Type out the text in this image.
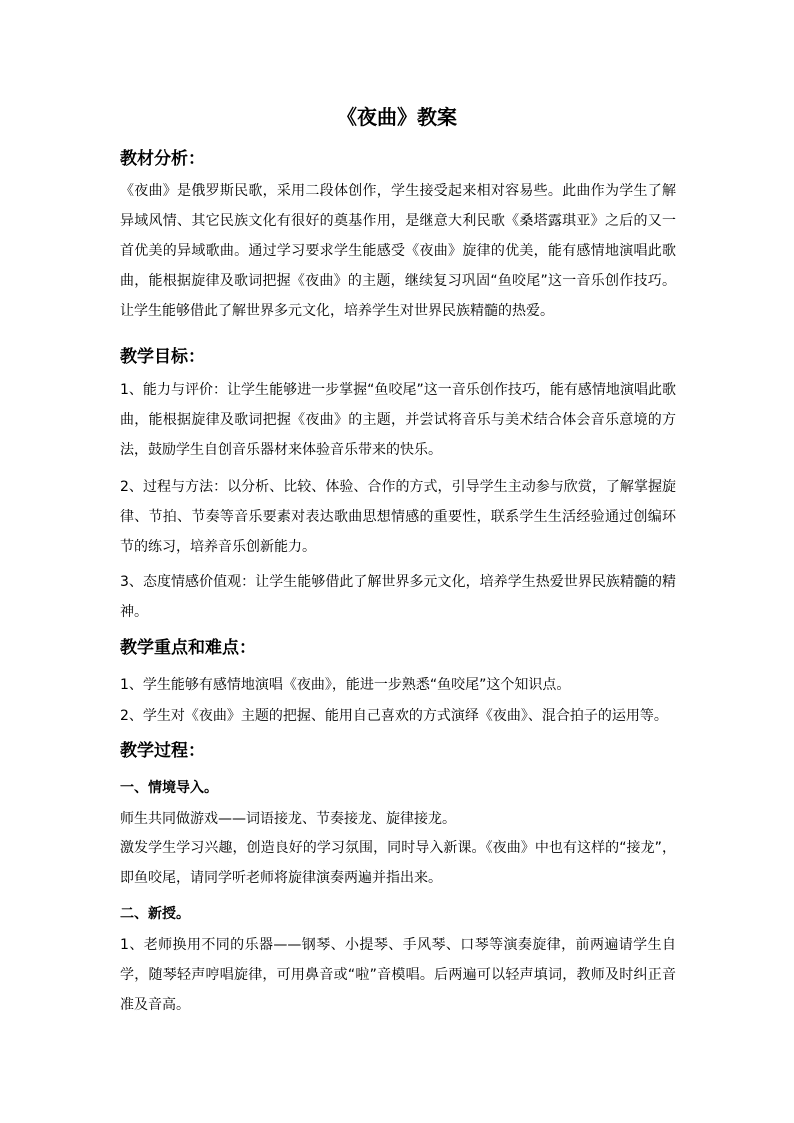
《夜曲》教案
教材分析：

《夜曲》是俄罗斯民歌，采用二段体创作，学生接受起来相对容易些。此曲作为学生了解异域风情、其它民族文化有很好的奠基作用，是继意大利民歌《桑塔露琪亚》之后的又一首优美的异域歌曲。通过学习要求学生能感受《夜曲》旋律的优美，能有感情地演唱此歌曲，能根据旋律及歌词把握《夜曲》的主题，继续复习巩固“鱼咬尾”这一音乐创作技巧。让学生能够借此了解世界多元文化，培养学生对世界民族精髓的热爱。

教学目标：

1、能力与评价：让学生能够进一步掌握“鱼咬尾”这一音乐创作技巧，能有感情地演唱此歌曲，能根据旋律及歌词把握《夜曲》的主题，并尝试将音乐与美术结合体会音乐意境的方法，鼓励学生自创音乐器材来体验音乐带来的快乐。

2、过程与方法：以分析、比较、体验、合作的方式，引导学生主动参与欣赏，了解掌握旋律、节拍、节奏等音乐要素对表达歌曲思想情感的重要性，联系学生生活经验通过创编环节的练习，培养音乐创新能力。

3、态度情感价值观：让学生能够借此了解世界多元文化，培养学生热爱世界民族精髓的精神。

教学重点和难点：

1、学生能够有感情地演唱《夜曲》，能进一步熟悉“鱼咬尾”这个知识点。

2、学生对《夜曲》主题的把握、能用自己喜欢的方式演绎《夜曲》、混合拍子的运用等。

教学过程：
一、情境导入。

师生共同做游戏——词语接龙、节奏接龙、旋律接龙。

激发学生学习兴趣，创造良好的学习氛围，同时导入新课。《夜曲》中也有这样的“接龙”，即鱼咬尾，请同学听老师将旋律演奏两遍并指出来。

二、新授。

1、老师换用不同的乐器——钢琴、小提琴、手风琴、口琴等演奏旋律，前两遍请学生自学，随琴轻声哼唱旋律，可用鼻音或“啦”音模唱。后两遍可以轻声填词，教师及时纠正音准及音高。
